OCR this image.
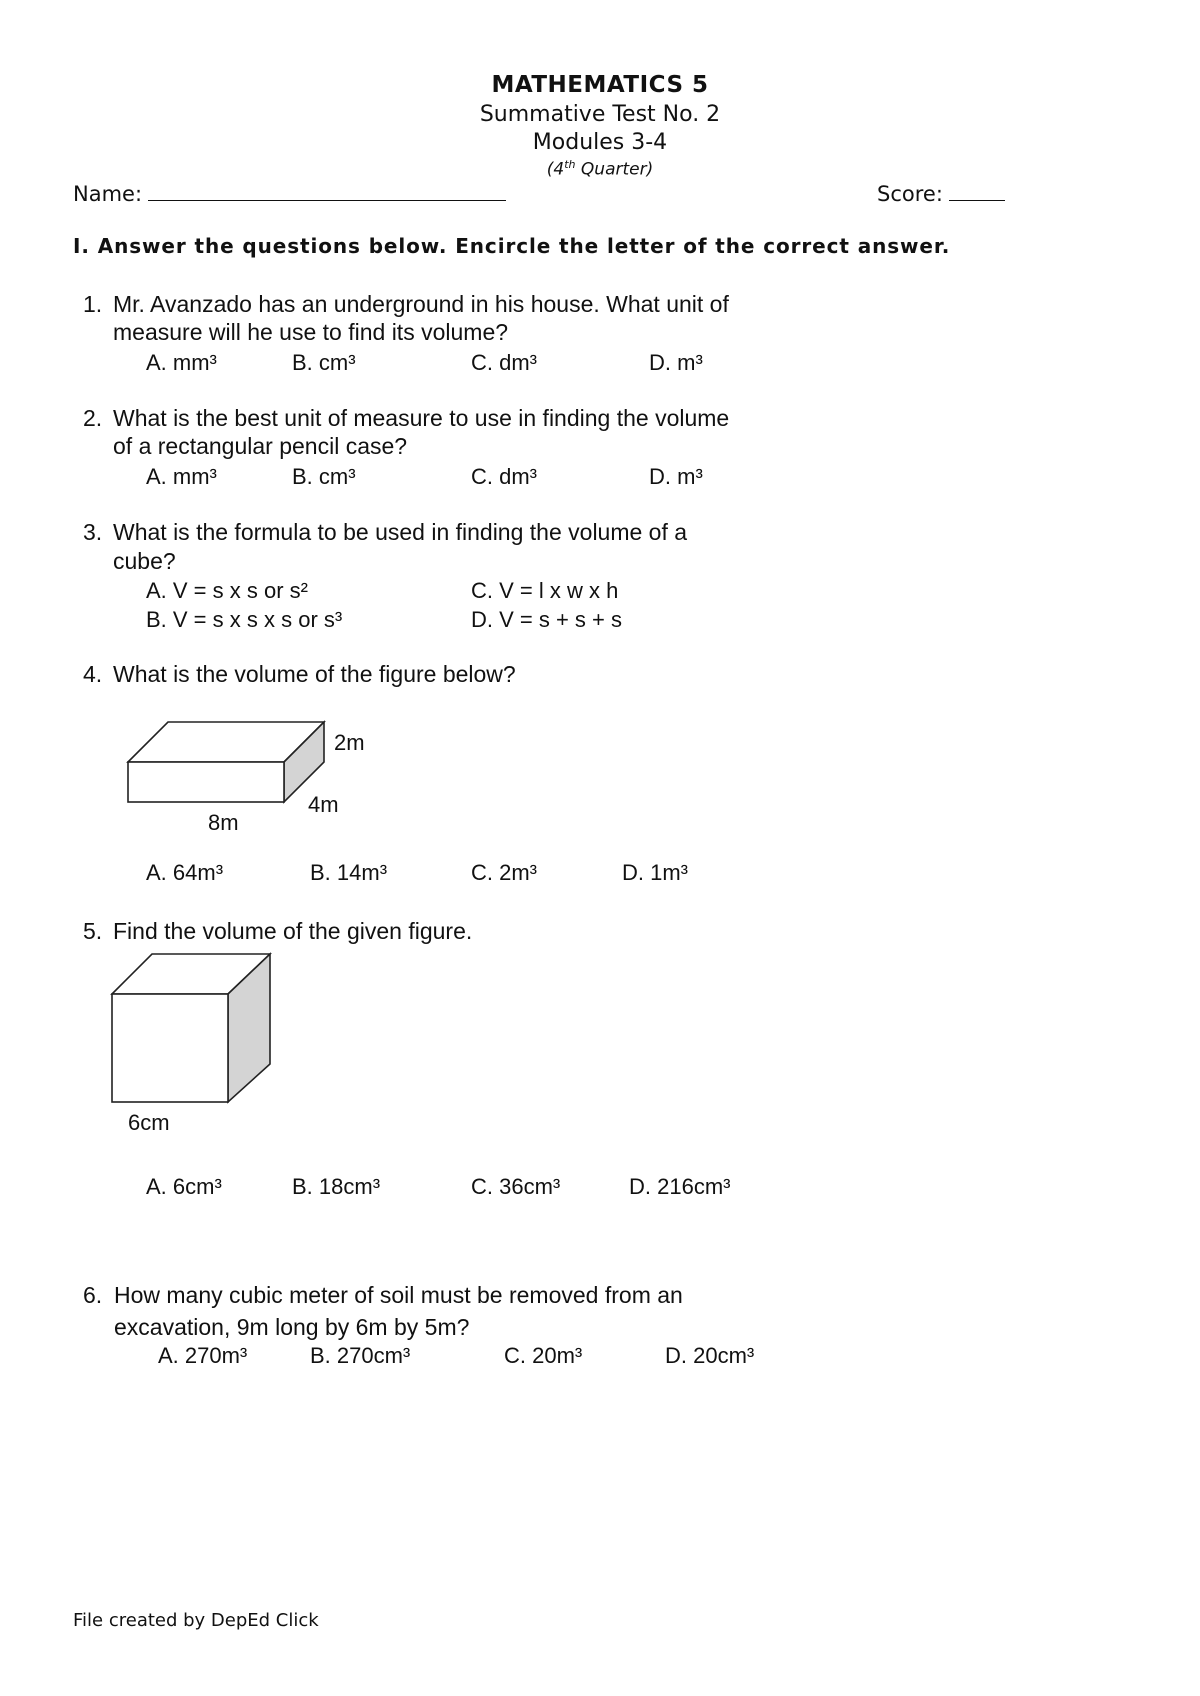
MATHEMATICS 5
Summative Test No. 2
Modules 3-4
(4th Quarter)
Name:	Score:
I. Answer the questions below. Encircle the letter of the correct answer.
1. Mr. Avanzado has an underground in his house. What unit of
measure will he use to find its volume?
A. mm³	B. cm³	C. dm³	D. m³
2. What is the best unit of measure to use in finding the volume
of a rectangular pencil case?
A. mm³	B. cm³	C. dm³	D. m³
3. What is the formula to be used in finding the volume of a
cube?
A. V = s x s or s²	C. V = l x w x h
B. V = s x s x s or s³	D. V = s + s + s
4. What is the volume of the figure below?
2m
4m
8m
A. 64m³	B. 14m³	C. 2m³	D. 1m³
5. Find the volume of the given figure.
6cm
A. 6cm³	B. 18cm³	C. 36cm³	D. 216cm³
6. How many cubic meter of soil must be removed from an
excavation, 9m long by 6m by 5m?
A. 270m³	B. 270cm³	C. 20m³	D. 20cm³
File created by DepEd Click
